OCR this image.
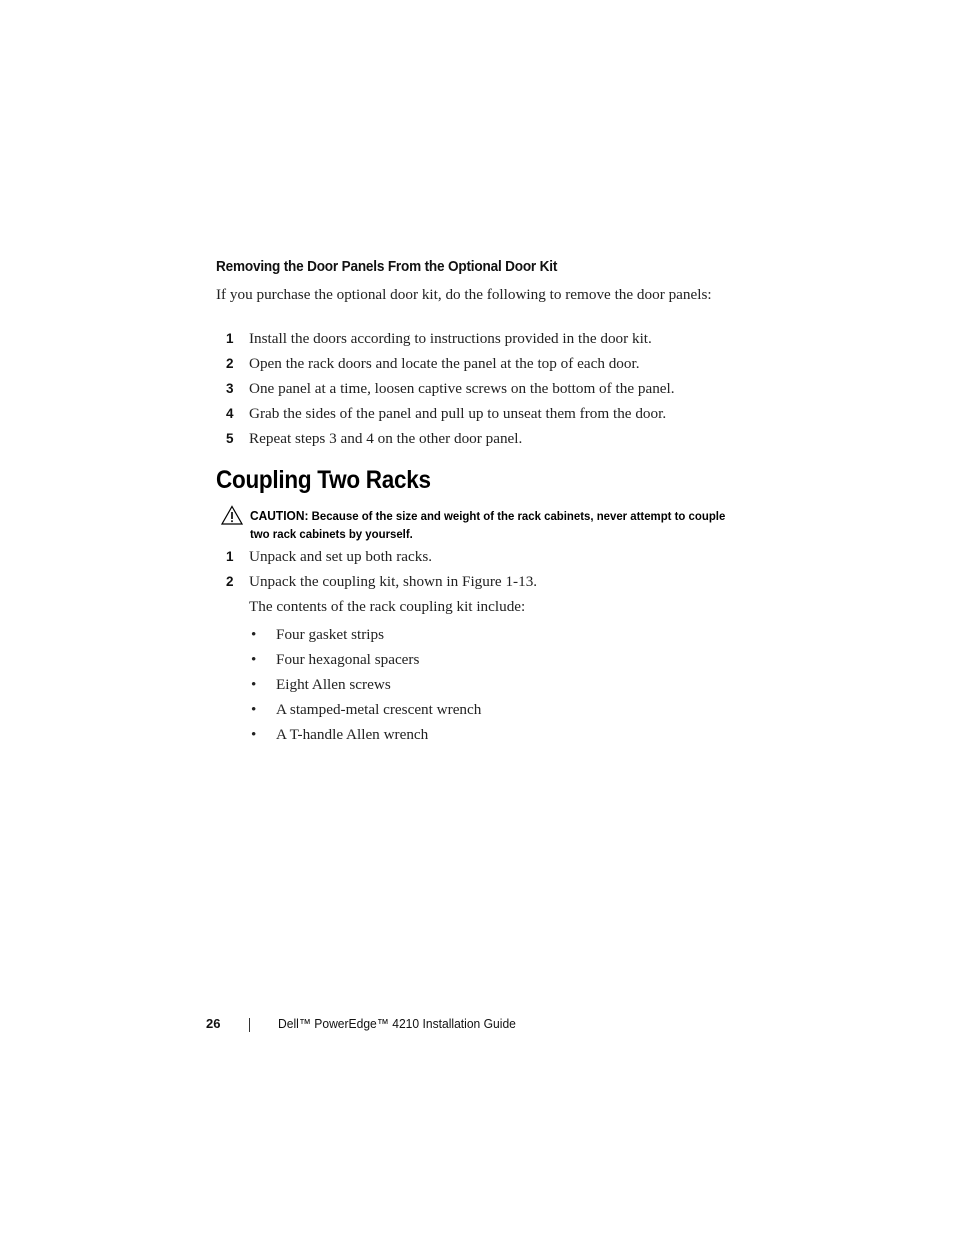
Removing the Door Panels From the Optional Door Kit
If you purchase the optional door kit, do the following to remove the door panels:
1 Install the doors according to instructions provided in the door kit.
2 Open the rack doors and locate the panel at the top of each door.
3 One panel at a time, loosen captive screws on the bottom of the panel.
4 Grab the sides of the panel and pull up to unseat them from the door.
5 Repeat steps 3 and 4 on the other door panel.
Coupling Two Racks
CAUTION: Because of the size and weight of the rack cabinets, never attempt to couple two rack cabinets by yourself.
1 Unpack and set up both racks.
2 Unpack the coupling kit, shown in Figure 1-13.
The contents of the rack coupling kit include:
• Four gasket strips
• Four hexagonal spacers
• Eight Allen screws
• A stamped-metal crescent wrench
• A T-handle Allen wrench
26	Dell™ PowerEdge™ 4210 Installation Guide
